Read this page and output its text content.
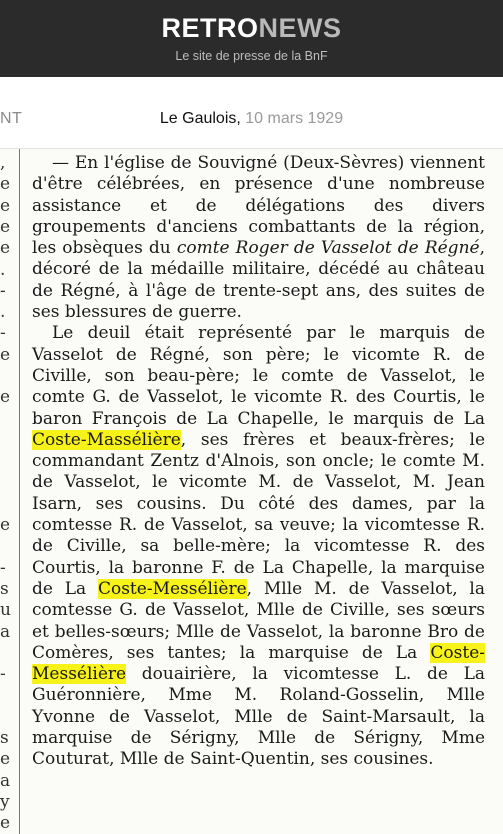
RETRONEWS
Le site de presse de la BnF
NT	Le Gaulois, 10 mars 1929
,
e
e
e
e
.
-
.
-
e
e
e
-
s
u
a
-
s
e
a
y
e

— En l'église de Souvigné (Deux-Sèvres) viennent d'être célébrées, en présence d'une nombreuse assistance et de délégations des divers groupements d'anciens combattants de la région, les obsèques du comte Roger de Vasselot de Régné, décoré de la médaille militaire, décédé au château de Régné, à l'âge de trente-sept ans, des suites de ses blessures de guerre.

Le deuil était représenté par le marquis de Vasselot de Régné, son père; le vicomte R. de Civille, son beau-père; le comte de Vasselot, le comte G. de Vasselot, le vicomte R. des Courtis, le baron François de La Chapelle, le marquis de La Coste-Massélière, ses frères et beaux-frères; le commandant Zentz d'Alnois, son oncle; le comte M. de Vasselot, le vicomte M. de Vasselot, M. Jean Isarn, ses cousins. Du côté des dames, par la comtesse R. de Vasselot, sa veuve; la vicomtesse R. de Civille, sa belle-mère; la vicomtesse R. des Courtis, la baronne F. de La Chapelle, la marquise de La Coste-Messélière, Mlle M. de Vasselot, la comtesse G. de Vasselot, Mlle de Civille, ses sœurs et belles-sœurs; Mlle de Vasselot, la baronne Bro de Comères, ses tantes; la marquise de La Coste-Messélière douairière, la vicomtesse L. de La Guéronnière, Mme M. Roland-Gosselin, Mlle Yvonne de Vasselot, Mlle de Saint-Marsault, la marquise de Sérigny, Mlle de Sérigny, Mme Couturat, Mlle de Saint-Quentin, ses cousines.
